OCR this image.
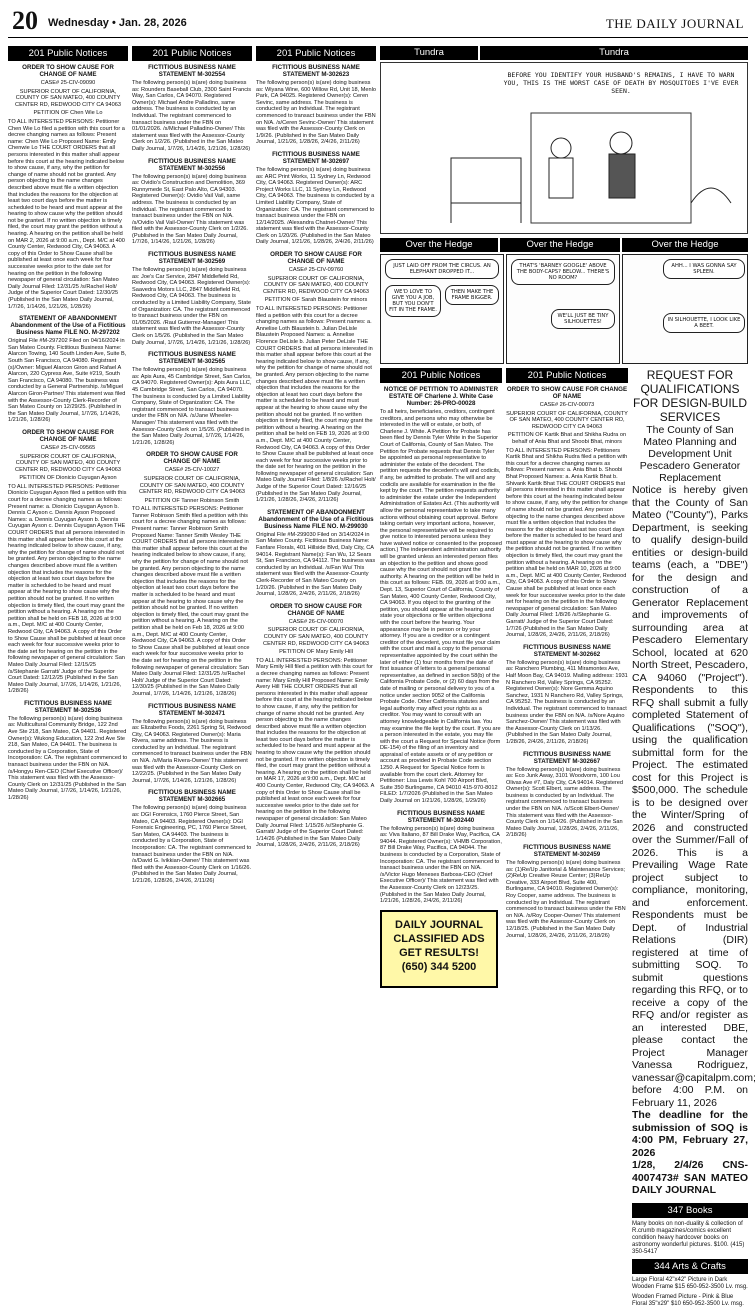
20 Wednesday • Jan. 28, 2026	THE DAILY JOURNAL
201 Public Notices
ORDER TO SHOW CAUSE FOR CHANGE OF NAME

CASE# 25-CIV-09090

SUPERIOR COURT OF CALIFORNIA, COUNTY OF SAN MATEO, 400 COUNTY CENTER RD, REDWOOD CITY CA 94063

PETITION OF Chen Wie Lo

TO ALL INTERESTED PERSONS: Petitioner Chen Wie Lo filed a petition with this court for a decree changing names as follows: Present name: Chen Wie Lo Proposed Name: Emily Chenwie Lo THE COURT ORDERS that all persons interested in this matter shall appear before this court at the hearing indicated below to show cause, if any, why the petition for change of name should not be granted. Any person objecting to the name changes described above must file a written objection that includes the reasons for the objection at least two court days before the matter is scheduled to be heard and must appear at the hearing to show cause why the petition should not be granted. If no written objection is timely filed, the court may grant the petition without a hearing. A hearing on the petition shall be held on MAR 2, 2026 at 9:00 a.m., Dept. M/C at 400 County Center, Redwood City, CA 94063. A copy of this Order to Show Cause shall be published at least once each week for four successive weeks prior to the date set for hearing on the petition in the following newspaper of general circulation: San Mateo Daily Journal Filed: 12/31/25 /s/Rachel Holt/ Judge of the Superior Court Dated: 12/30/25 (Published in the San Mateo Daily Journal, 1/7/26, 1/14/26, 1/21/26, 1/28/26)

STATEMENT OF ABANDONMENT Abandonment of the Use of a Fictitious Business Name FILE NO. M-297202

Original File #M-297202 Filed on 04/16/2024 in San Mateo County. Fictitious Business Name: Alarcon Towing, 140 South Linden Ave, Suite B, South San Francisco, CA 94080. Registrant (s)/Owner: Miguel Alarcon Giron and Rafael A Alarcon, 220 Cypress Ave, Suite #219, South San Francisco, CA 94080. The business was conducted by a General Partnership. /s/Miguel Alarcon Giron-Partner/ This statement was filed with the Assessor-County Clerk-Recorder of San Mateo County on 12/29/25. (Published in the San Mateo Daily Journal, 1/7/26, 1/14/26, 1/21/26, 1/28/26)

ORDER TO SHOW CAUSE FOR CHANGE OF NAME

CASE# 25-CIV-09565

SUPERIOR COURT OF CALIFORNIA, COUNTY OF SAN MATEO, 400 COUNTY CENTER RD, REDWOOD CITY CA 94063

PETITION OF Dionicio Cuyugan Ayson

TO ALL INTERESTED PERSONS: Petitioner Dionicio Cuyugan Ayson filed a petition with this court for a decree changing names as follows: Present name: a. Dionicio Cuyugan Ayson b. Dennis C Ayson c. Dennis Ayson Proposed Names: a. Dennis Cuyugan Ayson b. Dennis Cuyugan Ayson c. Dennis Cuyugan Ayson THE COURT ORDERS that all persons interested in this matter shall appear before this court at the hearing indicated below to show cause, if any, why the petition for change of name should not be granted. Any person objecting to the name changes described above must file a written objection that includes the reasons for the objection at least two court days before the matter is scheduled to be heard and must appear at the hearing to show cause why the petition should not be granted. If no written objection is timely filed, the court may grant the petition without a hearing. A hearing on the petition shall be held on FEB 18, 2026 at 9:00 a.m., Dept. M/C at 400 County Center, Redwood City, CA 94063. A copy of this Order to Show Cause shall be published at least once each week for four successive weeks prior to the date set for hearing on the petition in the following newspaper of general circulation: San Mateo Daily Journal Filed: 12/15/25 /s/Stephanie Garratt/ Judge of the Superior Court Dated: 12/12/25 (Published in the San Mateo Daily Journal, 1/7/26, 1/14/26, 1/21/26, 1/28/26)

FICTITIOUS BUSINESS NAME STATEMENT M-302536

The following person(s) is(are) doing business as: Multicultural Community Bridge, 122 2nd Ave Ste 218, San Mateo, CA 94401. Registered Owner(s): Wukong Education, 122 2nd Ave Ste 218, San Mateo, CA 94401. The business is conducted by a Corporation, State of Incorporation: CA. The registrant commenced to transact business under the FBN on N/A. /s/Hongyu Ren-CEO (Chief Executive Officer)/ This statement was filed with the Assessor-County Clerk on 12/31/25 (Published in the San Mateo Daily Journal, 1/7/26, 1/14/26, 1/21/26, 1/28/26)

201 Public Notices
FICTITIOUS BUSINESS NAME STATEMENT M-302554

The following person(s) is(are) doing business as: Rounders Baseball Club, 2300 Saint Francis Way, San Carlos, CA 94070. Registered Owner(s): Michael Andre Palladino, same address. The business is conducted by an Individual. The registrant commenced to transact business under the FBN on 01/01/2026. /s/Michael Palladino-Owner/ This statement was filed with the Assessor-County Clerk on 1/2/26. (Published in the San Mateo Daily Journal, 1/7/26, 1/14/26, 1/21/26, 1/28/26)

FICTITIOUS BUSINESS NAME STATEMENT M-302556

The following person(s) is(are) doing business as: Ovidio's Construction and Demolition, 369 Runnymede St, East Palo Alto, CA 94303. Registered Owner(s): Ovidio Vail Vail, same address. The business is conducted by an Individual. The registrant commenced to transact business under the FBN on N/A. /s/Ovidio Vail Vail-Owner/ This statement was filed with the Assessor-County Clerk on 1/2/26. (Published in the San Mateo Daily Journal, 1/7/26, 1/14/26, 1/21/26, 1/28/26)

FICTITIOUS BUSINESS NAME STATEMENT M-302569

The following person(s) is(are) doing business as: Joe's Car Service, 2847 Middlefield Rd, Redwood City, CA 94063. Registered Owner(s): Saavedra Motors LLC, 2847 Middlefield Rd, Redwood City, CA 94063. The business is conducted by a Limited Liability Company, State of Organization: CA. The registrant commenced to transact business under the FBN on 01/05/2026. /Raul Gutierrez-Manager/ This statement was filed with the Assessor-County Clerk on 1/5/26. (Published in the San Mateo Daily Journal, 1/7/26, 1/14/26, 1/21/26, 1/28/26)

FICTITIOUS BUSINESS NAME STATEMENT M-302565

The following person(s) is(are) doing business as: Apis Aura, 45 Cambridge Street, San Carlos, CA 94070. Registered Owner(s): Apis Aura LLC, 45 Cambridge Street, San Carlos, CA 94070. The business is conducted by a Limited Liability Company, State of Organization: CA. The registrant commenced to transact business under the FBN on N/A. /s/Jane Wheeler-Manager/ This statement was filed with the Assessor-County Clerk on 1/5/26. (Published in the San Mateo Daily Journal, 1/7/26, 1/14/26, 1/21/26, 1/28/26)

ORDER TO SHOW CAUSE FOR CHANGE OF NAME

CASE# 25-CIV-10027

SUPERIOR COURT OF CALIFORNIA, COUNTY OF SAN MATEO, 400 COUNTY CENTER RD, REDWOOD CITY CA 94063

PETITION OF Tanner Robinson Smith

TO ALL INTERESTED PERSONS: Petitioner Tanner Robinson Smith filed a petition with this court for a decree changing names as follows: Present name: Tanner Robinson Smith Proposed Name: Tanner Smith Wesley THE COURT ORDERS that all persons interested in this matter shall appear before this court at the hearing indicated below to show cause, if any, why the petition for change of name should not be granted. Any person objecting to the name changes described above must file a written objection that includes the reasons for the objection at least two court days before the matter is scheduled to be heard and must appear at the hearing to show cause why the petition should not be granted. If no written objection is timely filed, the court may grant the petition without a hearing. A hearing on the petition shall be held on Feb 18, 2026 at 9:00 a.m., Dept. M/C at 400 County Center, Redwood City, CA 94063. A copy of this Order to Show Cause shall be published at least once each week for four successive weeks prior to the date set for hearing on the petition in the following newspaper of general circulation: San Mateo Daily Journal Filed: 12/31/25 /s/Rachel Holt/ Judge of the Superior Court Dated: 12/30/25 (Published in the San Mateo Daily Journal, 1/7/26, 1/14/26, 1/21/26, 1/28/26)

FICTITIOUS BUSINESS NAME STATEMENT M-302471

The following person(s) is(are) doing business as: Elizabeths Foods, 2261 Spring St, Redwood City, CA 94063. Registered Owner(s): Maria Rivera, same address. The business is conducted by an Individual. The registrant commenced to transact business under the FBN on N/A. /s/Maria Rivera-Owner/ This statement was filed with the Assessor-County Clerk on 12/22/25. (Published in the San Mateo Daily Journal, 1/7/26, 1/14/26, 1/21/26, 1/28/26)

FICTITIOUS BUSINESS NAME STATEMENT M-302665

The following person(s) is(are) doing business as: DGI Forensics, 1760 Pierce Street, San Mateo, CA 94403. Registered Owner(s): DGI Forensic Engineering, PC, 1760 Pierce Street, San Mateo, CA 94403. The business is conducted by a Corporation, State of Incorporation: CA. The registrant commenced to transact business under the FBN on N/A. /s/David G. Ivikkian-Owner/ This statement was filed with the Assessor-County Clerk on 1/16/26. (Published in the San Mateo Daily Journal, 1/21/26, 1/28/26, 2/4/26, 2/11/26)

201 Public Notices
FICTITIOUS BUSINESS NAME STATEMENT M-302623

The following person(s) is(are) doing business as: Wiyana Wine, 600 Willow Rd, Unit 18, Menlo Park, CA 94025. Registered Owner(s): Ceren Sevinc, same address. The business is conducted by an Individual. The registrant commenced to transact business under the FBN on N/A. /s/Ceren Sevinc-Owner/ This statement was filed with the Assessor-County Clerk on 1/9/26. (Published in the San Mateo Daily Journal, 1/21/26, 1/28/26, 2/4/26, 2/11/26)

FICTITIOUS BUSINESS NAME STATEMENT M-302697

The following person(s) is(are) doing business as: ARC Print Works, 11 Sydney Ln, Redwood City, CA 94063. Registered Owner(s): ARC Project Works LLC, 11 Sydney Ln, Redwood City, CA 94063. The business is conducted by a Limited Liability Company, State of Organization: CA. The registrant commenced to transact business under the FBN on 12/14/2025. /Alexandra Chatnet-Owner/ This statement was filed with the Assessor-County Clerk on 1/20/26. (Published in the San Mateo Daily Journal, 1/21/26, 1/28/26, 2/4/26, 2/11/26)

ORDER TO SHOW CAUSE FOR CHANGE OF NAME

CASE# 25-CIV-09760

SUPERIOR COURT OF CALIFORNIA, COUNTY OF SAN MATEO, 400 COUNTY CENTER RD, REDWOOD CITY CA 94063

PETITION OF Sarah Blaustein for minors

TO ALL INTERESTED PERSONS: Petitioner filed a petition with this court for a decree changing names as follows: Present names: a. Annelise Loth Blaustein b. Julian DeLisle Blaustein Proposed Names: a. Annelise Florence DeLisle b. Julian Peter DeLisle THE COURT ORDERS that all persons interested in this matter shall appear before this court at the hearing indicated below to show cause, if any, why the petition for change of name should not be granted. Any person objecting to the name changes described above must file a written objection that includes the reasons for the objection at least two court days before the matter is scheduled to be heard and must appear at the hearing to show cause why the petition should not be granted. If no written objection is timely filed, the court may grant the petition without a hearing. A hearing on the petition shall be held on FEB 19, 2026 at 9:00 a.m., Dept. M/C at 400 County Center, Redwood City, CA 94063. A copy of this Order to Show Cause shall be published at least once each week for four successive weeks prior to the date set for hearing on the petition in the following newspaper of general circulation: San Mateo Daily Journal Filed: 1/8/26 /s/Rachel Holt/ Judge of the Superior Court Dated: 12/16/25 (Published in the San Mateo Daily Journal, 1/21/26, 1/28/26, 2/4/26, 2/11/26)

STATEMENT OF ABANDONMENT Abandonment of the Use of a Fictitious Business Name FILE NO. M-299030

Original File #M-299030 Filed on 3/14/2024 in San Mateo County. Fictitious Business Name: Fanfare Florals, 401 Hillside Blvd, Daly City, CA 94014. Registrant Name(s): Fan Wu, 12 Sears St, San Francisco, CA 94112. The business was conducted by an Individual. /s/Fan Wu/ This statement was filed with the Assessor-County Clerk-Recorder of San Mateo County on 1/20/26. (Published in the San Mateo Daily Journal, 1/28/26, 2/4/26, 2/11/26, 2/18/26)

ORDER TO SHOW CAUSE FOR CHANGE OF NAME

CASE# 26-CIV-00070

SUPERIOR COURT OF CALIFORNIA, COUNTY OF SAN MATEO, 400 COUNTY CENTER RD, REDWOOD CITY CA 94063

PETITION OF Mary Emily Hill

TO ALL INTERESTED PERSONS: Petitioner Mary Emily Hill filed a petition with this court for a decree changing names as follows: Present name: Mary Emily Hill Proposed Name: Emily Avery Hill THE COURT ORDERS that all persons interested in this matter shall appear before this court at the hearing indicated below to show cause, if any, why the petition for change of name should not be granted. Any person objecting to the name changes described above must file a written objection that includes the reasons for the objection at least two court days before the matter is scheduled to be heard and must appear at the hearing to show cause why the petition should not be granted. If no written objection is timely filed, the court may grant the petition without a hearing. A hearing on the petition shall be held on MAR 17, 2026 at 9:00 a.m., Dept. M/C at 400 County Center, Redwood City, CA 94063. A copy of this Order to Show Cause shall be published at least once each week for four successive weeks prior to the date set for hearing on the petition in the following newspaper of general circulation: San Mateo Daily Journal Filed: 1/15/26 /s/Stephanie G. Garratt/ Judge of the Superior Court Dated: 1/14/26 (Published in the San Mateo Daily Journal, 1/28/26, 2/4/26, 2/11/26, 2/18/26)

Tundra	Tundra
BEFORE YOU IDENTIFY YOUR HUSBAND'S REMAINS, I HAVE TO WARN YOU, THIS IS THE WORST CASE OF DEATH BY MOSQUITOES I'VE EVER SEEN.
Over the Hedge	Over the Hedge	Over the Hedge
JUST LAID OFF FROM THE CIRCUS. AN ELEPHANT DROPPED IT...
WE'D LOVE TO GIVE YOU A JOB, BUT YOU DON'T FIT IN THE FRAME.
THEN MAKE THE FRAME BIGGER.
THAT'S 'BARNEY GOOGLE' ABOVE THE BODY-CAPS? BELOW... THERE'S NO ROOM?
WE'LL JUST BE TINY SILHOUETTES!
AHH... I WAS GONNA SAY SPLEEN.
IN SILHOUETTE, I LOOK LIKE A BEET.
201 Public Notices
NOTICE OF PETITION TO ADMINISTER ESTATE OF Charlene J. White Case Number: 26-PRO-00028

To all heirs, beneficiaries, creditors, contingent creditors, and persons who may otherwise be interested in the will or estate, or both, of Charlene J. White. A Petition for Probate has been filed by Dennis Tyler White in the Superior Court of California, County of San Mateo. The Petition for Probate requests that Dennis Tyler be appointed as personal representative to administer the estate of the decedent. The petition requests the decedent's will and codicils, if any, be admitted to probate. The will and any codicils are available for examination in the file kept by the court. The petition requests authority to administer the estate under the Independent Administration of Estates Act. (This authority will allow the personal representative to take many actions without obtaining court approval. Before taking certain very important actions, however, the personal representative will be required to give notice to interested persons unless they have waived notice or consented to the proposed action.) The independent administration authority will be granted unless an interested person files an objection to the petition and shows good cause why the court should not grant the authority. A hearing on the petition will be held in this court as follows: FEB. 09, 2026 at 9:00 a.m., Dept. 13, Superior Court of California, County of San Mateo, 400 County Center, Redwood City, CA 94063. If you object to the granting of the petition, you should appear at the hearing and state your objections or file written objections with the court before the hearing. Your appearance may be in person or by your attorney. If you are a creditor or a contingent creditor of the decedent, you must file your claim with the court and mail a copy to the personal representative appointed by the court within the later of either (1) four months from the date of first issuance of letters to a general personal representative, as defined in section 58(b) of the California Probate Code, or (2) 60 days from the date of mailing or personal delivery to you of a notice under section 9052 of the California Probate Code. Other California statutes and legal authority may affect your rights as a creditor. You may want to consult with an attorney knowledgeable in California law. You may examine the file kept by the court. If you are a person interested in the estate, you may file with the court a Request for Special Notice (form DE-154) of the filing of an inventory and appraisal of estate assets or of any petition or account as provided in Probate Code section 1250. A Request for Special Notice form is available from the court clerk. Attorney for Petitioner: Lisa Lewis Kohl 700 Airport Blvd, Suite 350 Burlingame, CA 94010 415-970-8012 FILED: 1/7/2026 (Published in the San Mateo Daily Journal on 1/21/26, 1/28/26, 1/29/26)

FICTITIOUS BUSINESS NAME STATEMENT M-302440

The following person(s) is(are) doing business as: Viva Italiano, 87 Bill Drake Way, Pacifica, CA 94044. Registered Owner(s): VHMB Corporation, 87 Bill Drake Way, Pacifica, CA 94044. The business is conducted by a Corporation, State of Incorporation: CA. The registrant commenced to transact business under the FBN on N/A. /s/Victor Hugo Meneses Barbosa-CEO (Chief Executive Officer)/ This statement was filed with the Assessor-County Clerk on 12/23/25. (Published in the San Mateo Daily Journal, 1/21/26, 1/28/26, 2/4/26, 2/11/26)

DAILY JOURNAL CLASSIFIED ADS GET RESULTS! (650) 344 5200
201 Public Notices
ORDER TO SHOW CAUSE FOR CHANGE OF NAME

CASE# 26-CIV-00073

SUPERIOR COURT OF CALIFORNIA, COUNTY OF SAN MATEO, 400 COUNTY CENTER RD, REDWOOD CITY CA 94063

PETITION OF Kartik Bhat and Shikha Rudra on behalf of Ania Bhat and Shoobi Bhat, minors

TO ALL INTERESTED PERSONS: Petitioners Kartik Bhat and Shikha Rudra filed a petition with this court for a decree changing names as follows: Present names: a. Ania Bhat b. Shoobi Bhat Proposed Names: a. Ania Kartik Bhat b. Shivank Kartik Bhat THE COURT ORDERS that all persons interested in this matter shall appear before this court at the hearing indicated below to show cause, if any, why the petition for change of name should not be granted. Any person objecting to the name changes described above must file a written objection that includes the reasons for the objection at least two court days before the matter is scheduled to be heard and must appear at the hearing to show cause why the petition should not be granted. If no written objection is timely filed, the court may grant the petition without a hearing. A hearing on the petition shall be held on MAR 10, 2026 at 9:00 a.m., Dept. M/C at 400 County Center, Redwood City, CA 94063. A copy of this Order to Show Cause shall be published at least once each week for four successive weeks prior to the date set for hearing on the petition in the following newspaper of general circulation: San Mateo Daily Journal Filed: 1/8/26 /s/Stephanie G. Garratt/ Judge of the Superior Court Dated: 1/7/26 (Published in the San Mateo Daily Journal, 1/28/26, 2/4/26, 2/11/26, 2/18/26)

FICTITIOUS BUSINESS NAME STATEMENT M-302662

The following person(s) is(are) doing business as: Ranchero Plumbing, 411 Miramontes Ave, Half Moon Bay, CA 94019. Mailing address: 1931 N Ranchero Rd, Valley Springs, CA 95252. Registered Owner(s): Nore Gemma Aquino Sanchez, 1931 N Ranchero Rd, Valley Springs, CA 95252. The business is conducted by an Individual. The registrant commenced to transact business under the FBN on N/A. /s/Nore Aquino Sanchez-Owner/ This statement was filed with the Assessor-County Clerk on 1/13/26. (Published in the San Mateo Daily Journal, 1/28/26, 2/4/26, 2/11/26, 2/18/26)

FICTITIOUS BUSINESS NAME STATEMENT M-302667

The following person(s) is(are) doing business as: Eco Junk Away, 3101 Woodvorm, 100 Lou Olivas Ave #7, Daly City, CA 94014. Registered Owner(s): Scott Elbert, same address. The business is conducted by an Individual. The registrant commenced to transact business under the FBN on N/A. /s/Scott Elbert-Owner/ This statement was filed with the Assessor-County Clerk on 1/14/26. (Published in the San Mateo Daily Journal, 1/28/26, 2/4/26, 2/11/26, 2/18/26)

FICTITIOUS BUSINESS NAME STATEMENT M-302459

The following person(s) is(are) doing business as: (1)Re/Up Janitorial & Maintenance Services; (2)ReUp Creative Reuse Center; (3)ReUp Creative, 333 Airport Blvd, Suite 400, Burlingame, CA 94010. Registered Owner(s): Roy Cooper, same address. The business is conducted by an Individual. The registrant commenced to transact business under the FBN on N/A. /s/Roy Cooper-Owner/ This statement was filed with the Assessor-County Clerk on 12/18/25. (Published in the San Mateo Daily Journal, 1/28/26, 2/4/26, 2/11/26, 2/18/26)

REQUEST FOR QUALIFICATIONS FOR DESIGN-BUILD SERVICES

The County of San Mateo Planning and Development Unit Pescadero Generator Replacement

Notice is hereby given that the County of San Mateo ("County"), Parks Department, is seeking to qualify design-build entities or design-build teams (each, a "DBE") for the design and construction of a Generator Replacement and improvements of surrounding area at Pescadero Elementary School, located at 620 North Street, Pescadero, CA 94060 ("Project"). Respondents to this RFQ shall submit a fully completed Statement of Qualifications ("SOQ"), using the qualification submittal form for the Project. The estimated cost for this Project is $500,000. The schedule is to be designed over the Winter/Spring of 2026 and constructed over the Summer/Fall of 2026. This is a Prevailing Wage Rate project subject to compliance, monitoring, and enforcement. Respondents must be Dept. of Industrial Relations (DIR) registered at time of submitting SOQ. To submit questions regarding this RFQ, or to receive a copy of the RFQ and/or register as an interested DBE, please contact the Project Manager Vanessa Rodriguez, vanessar@capitalpm.com; before 4:00 P.M. on February 11, 2026

The deadline for the submission of SOQ is 4:00 PM, February 27, 2026

1/28, 2/4/26 CNS-4007473# SAN MATEO DAILY JOURNAL

347 Books
Many books on non-duality & collection of R.crumb magazines/comics excellent condition heavy hardcover books on astronomy wonderful pictures. $100. (415) 350-5417
344 Arts & Crafts
Large Floral 42"x42" Picture in Dark Wooden Frame $15 650-952-3500 Lv. msg.
Wooden Framed Picture - Pink & Blue Floral 35"x29" $10 650-952-3500 Lv. msg.
